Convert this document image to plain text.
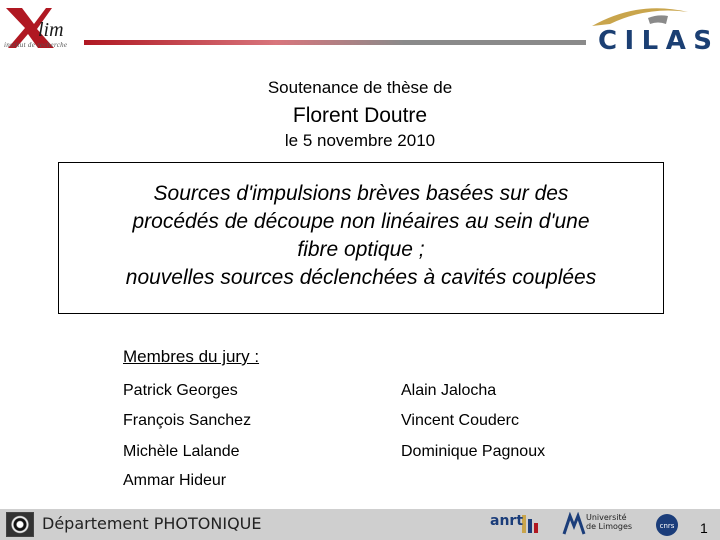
lim
institut de recherche	CILAS
Soutenance de thèse de
Florent Doutre
le 5 novembre 2010
Sources d'impulsions brèves basées sur des
procédés de découpe non linéaires au sein d'une
fibre optique ;
nouvelles sources déclenchées à cavités couplées
Membres du jury :
Patrick Georges	Alain Jalocha
François Sanchez	Vincent Couderc
Michèle Lalande	Dominique Pagnoux
Ammar Hideur
Département PHOTONIQUE	anrt	Université
de Limoges	cnrs 1
